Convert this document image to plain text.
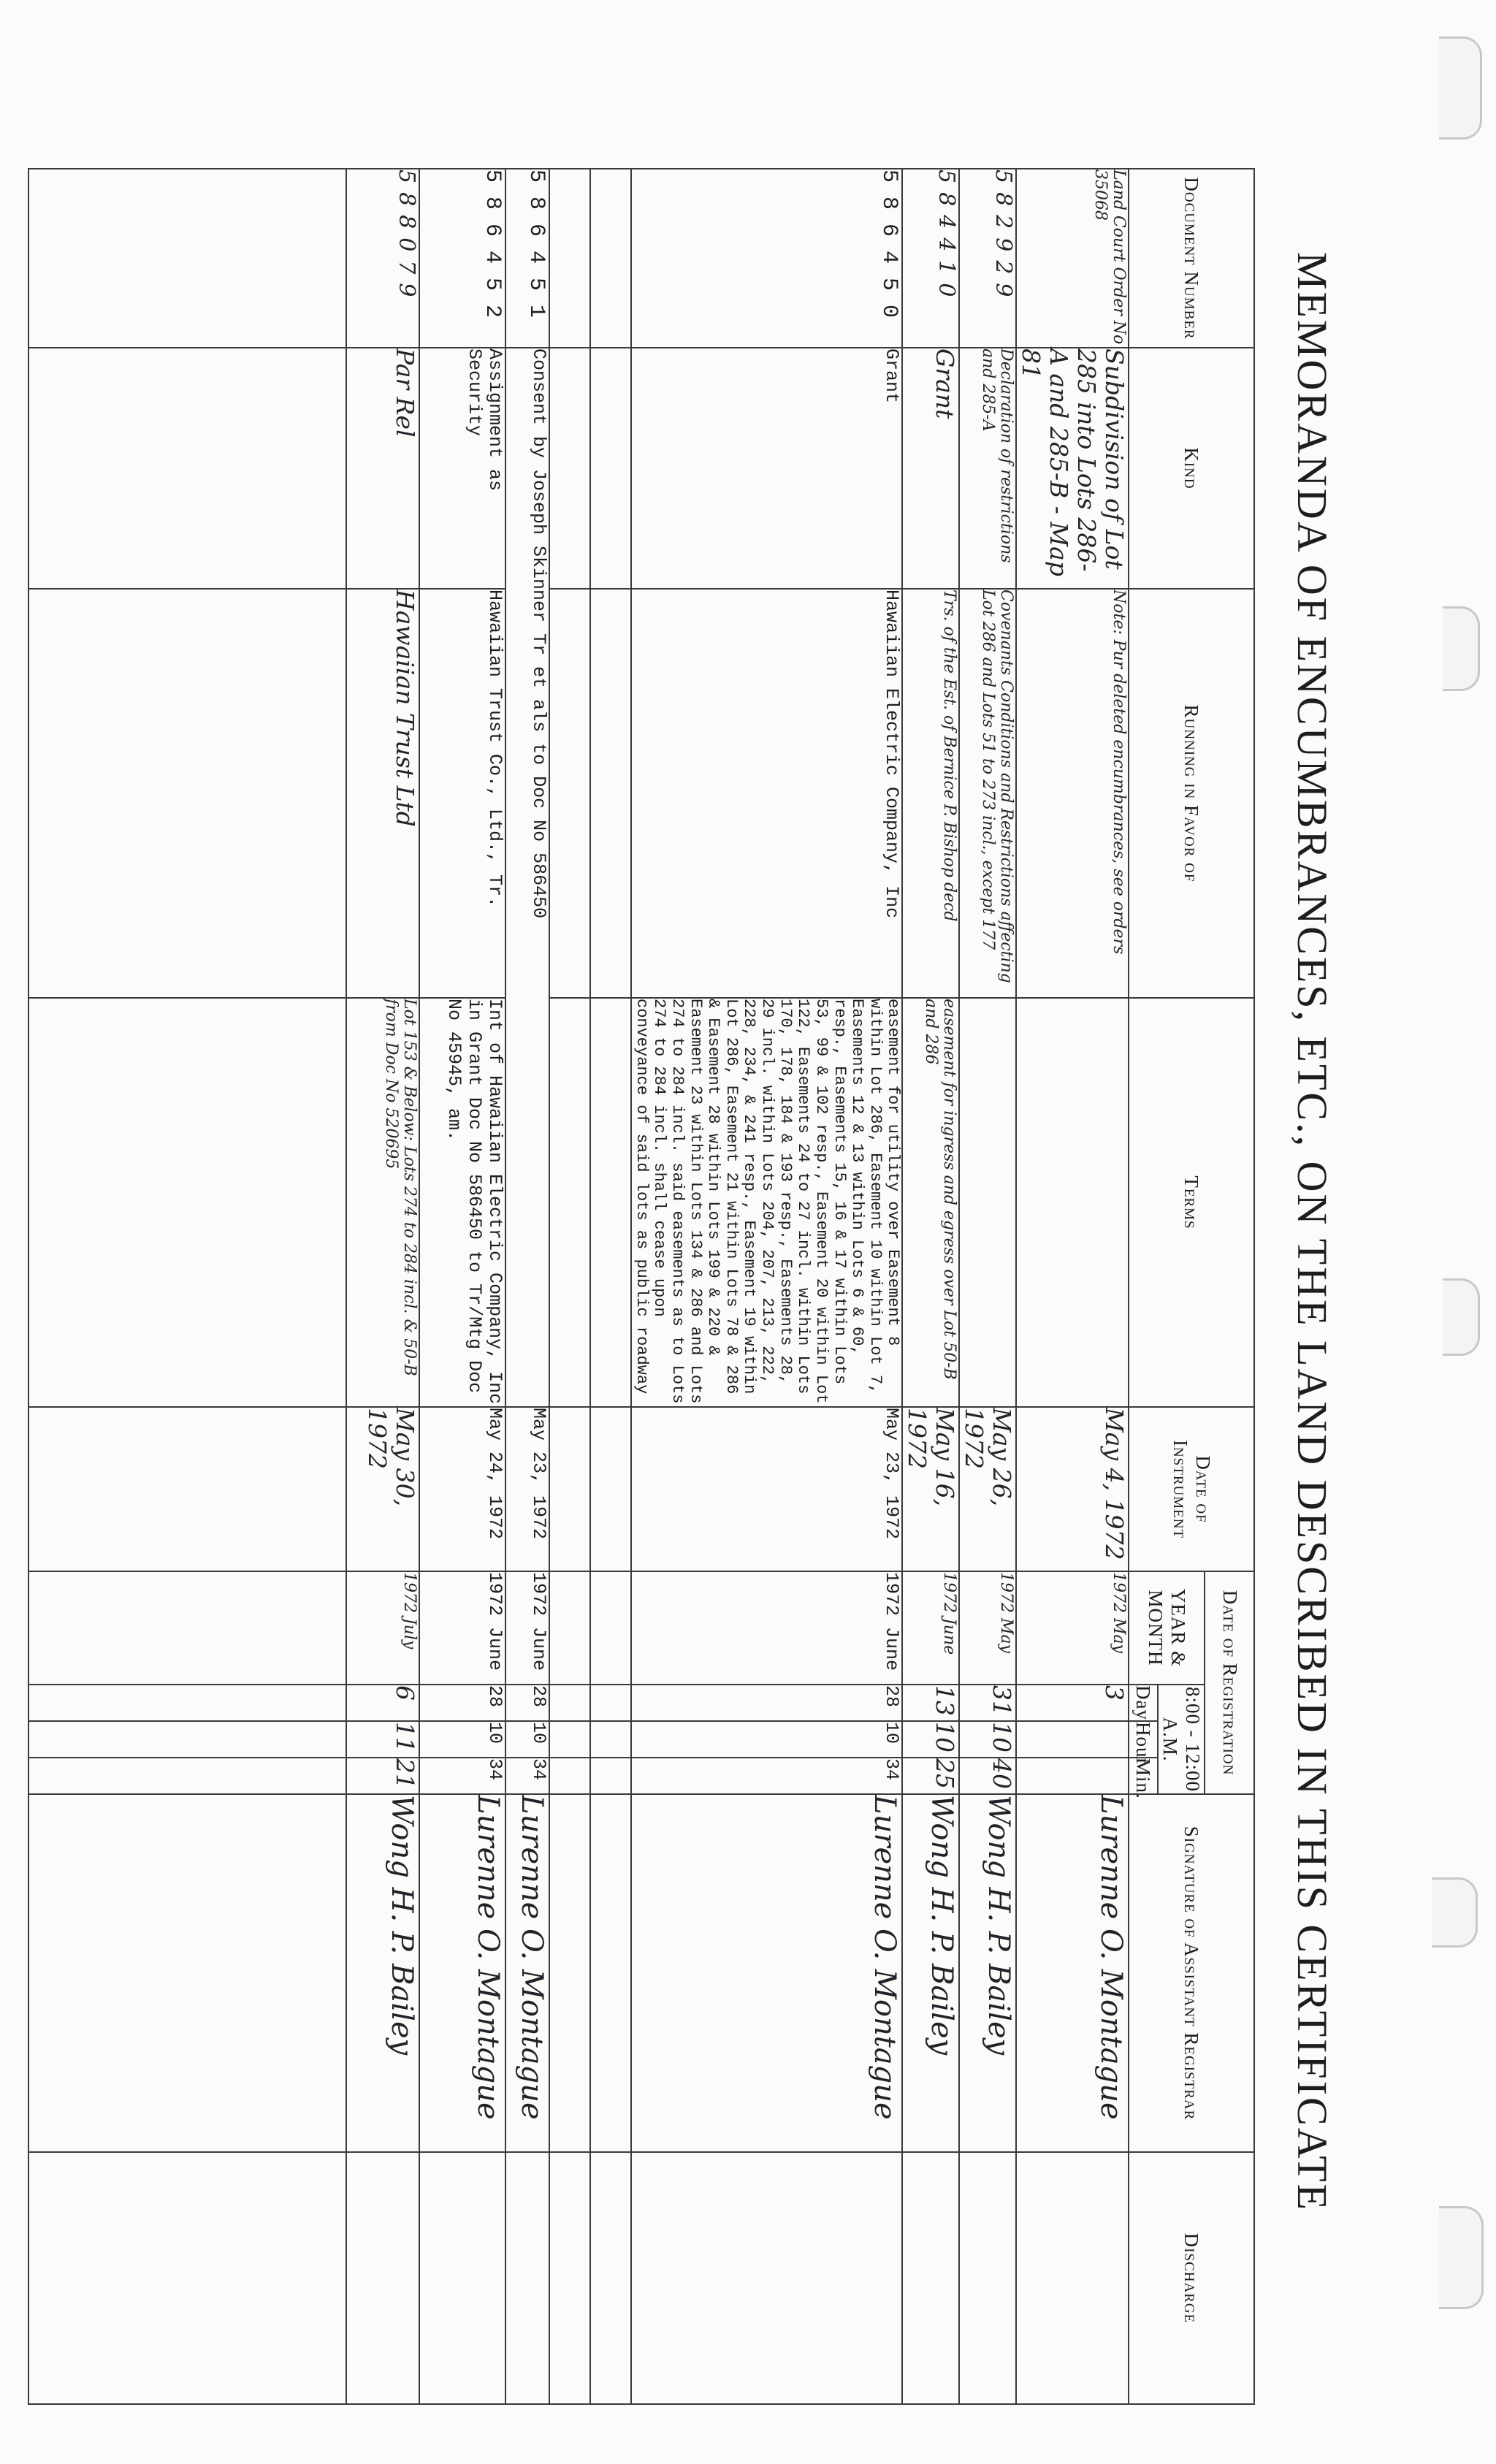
MEMORANDA OF ENCUMBRANCES, ETC., ON THE LAND DESCRIBED IN THIS CERTIFICATE
Document Number	Kind	Running in Favor of	Terms	Date of Instrument	Date of Registration				Signature of Assistant Registrar	Discharge
					YEAR & MONTH	8:00 - 12:00 A.M.				
						Day	Hour	Min.		
Land Court Order No 35068	Subdivision of Lot 285 into Lots 286-A and 285-B - Map 81	Note: Pur deleted encumbrances, see orders		May 4, 1972	1972 May	3			Lurenne O. Montague	
582929	Declaration of restrictions and 285-A	Covenants Conditions and Restrictions affecting Lot 286 and Lots 51 to 273 incl., except 177		May 26, 1972	1972 May	31	10	40	Wong H. P. Bailey	
584410	Grant	Trs. of the Est. of Bernice P. Bishop decd	easement for ingress and egress over Lot 50-B and 286	May 16, 1972	1972 June	13	10	25	Wong H. P. Bailey	
586450	Grant	Hawaiian Electric Company, Inc	easement for utility over Easement 8 within Lot 286, Easement 10 within Lot 7, Easements 12 & 13 within Lots 6 & 60, resp., Easements 15, 16 & 17 within Lots 53, 99 & 102 resp., Easement 20 within Lot 122, Easements 24 to 27 incl. within Lots 170, 178, 184 & 193 resp., Easements 28, 29 incl. within Lots 204, 207, 213, 222, 228, 234, & 241 resp., Easement 19 within Lot 286, Easement 21 within Lots 78 & 286 & Easement 28 within Lots 199 & 220 & Easement 23 within Lots 134 & 286 and Lots 274 to 284 incl. said easements as to Lots 274 to 284 incl. shall cease upon conveyance of said lots as public roadway	May 23, 1972	1972 June	28	10	34	Lurenne O. Montague	

586451	Consent by Joseph Skinner Tr et als to Doc No 586450			May 23, 1972	1972 June	28	10	34	Lurenne O. Montague	
586452	Assignment as Security	Hawaiian Trust Co., Ltd., Tr.	Int of Hawaiian Electric Company, Inc in Grant Doc No 586450 to Tr/Mtg Doc No 45945, am.	May 24, 1972	1972 June	28	10	34	Lurenne O. Montague	
588079	Par Rel	Hawaiian Trust Ltd	Lot 153 & Below: Lots 274 to 284 incl. & 50-B from Doc No 520695	May 30, 1972	1972 July	6	11	21	Wong H. P. Bailey	
